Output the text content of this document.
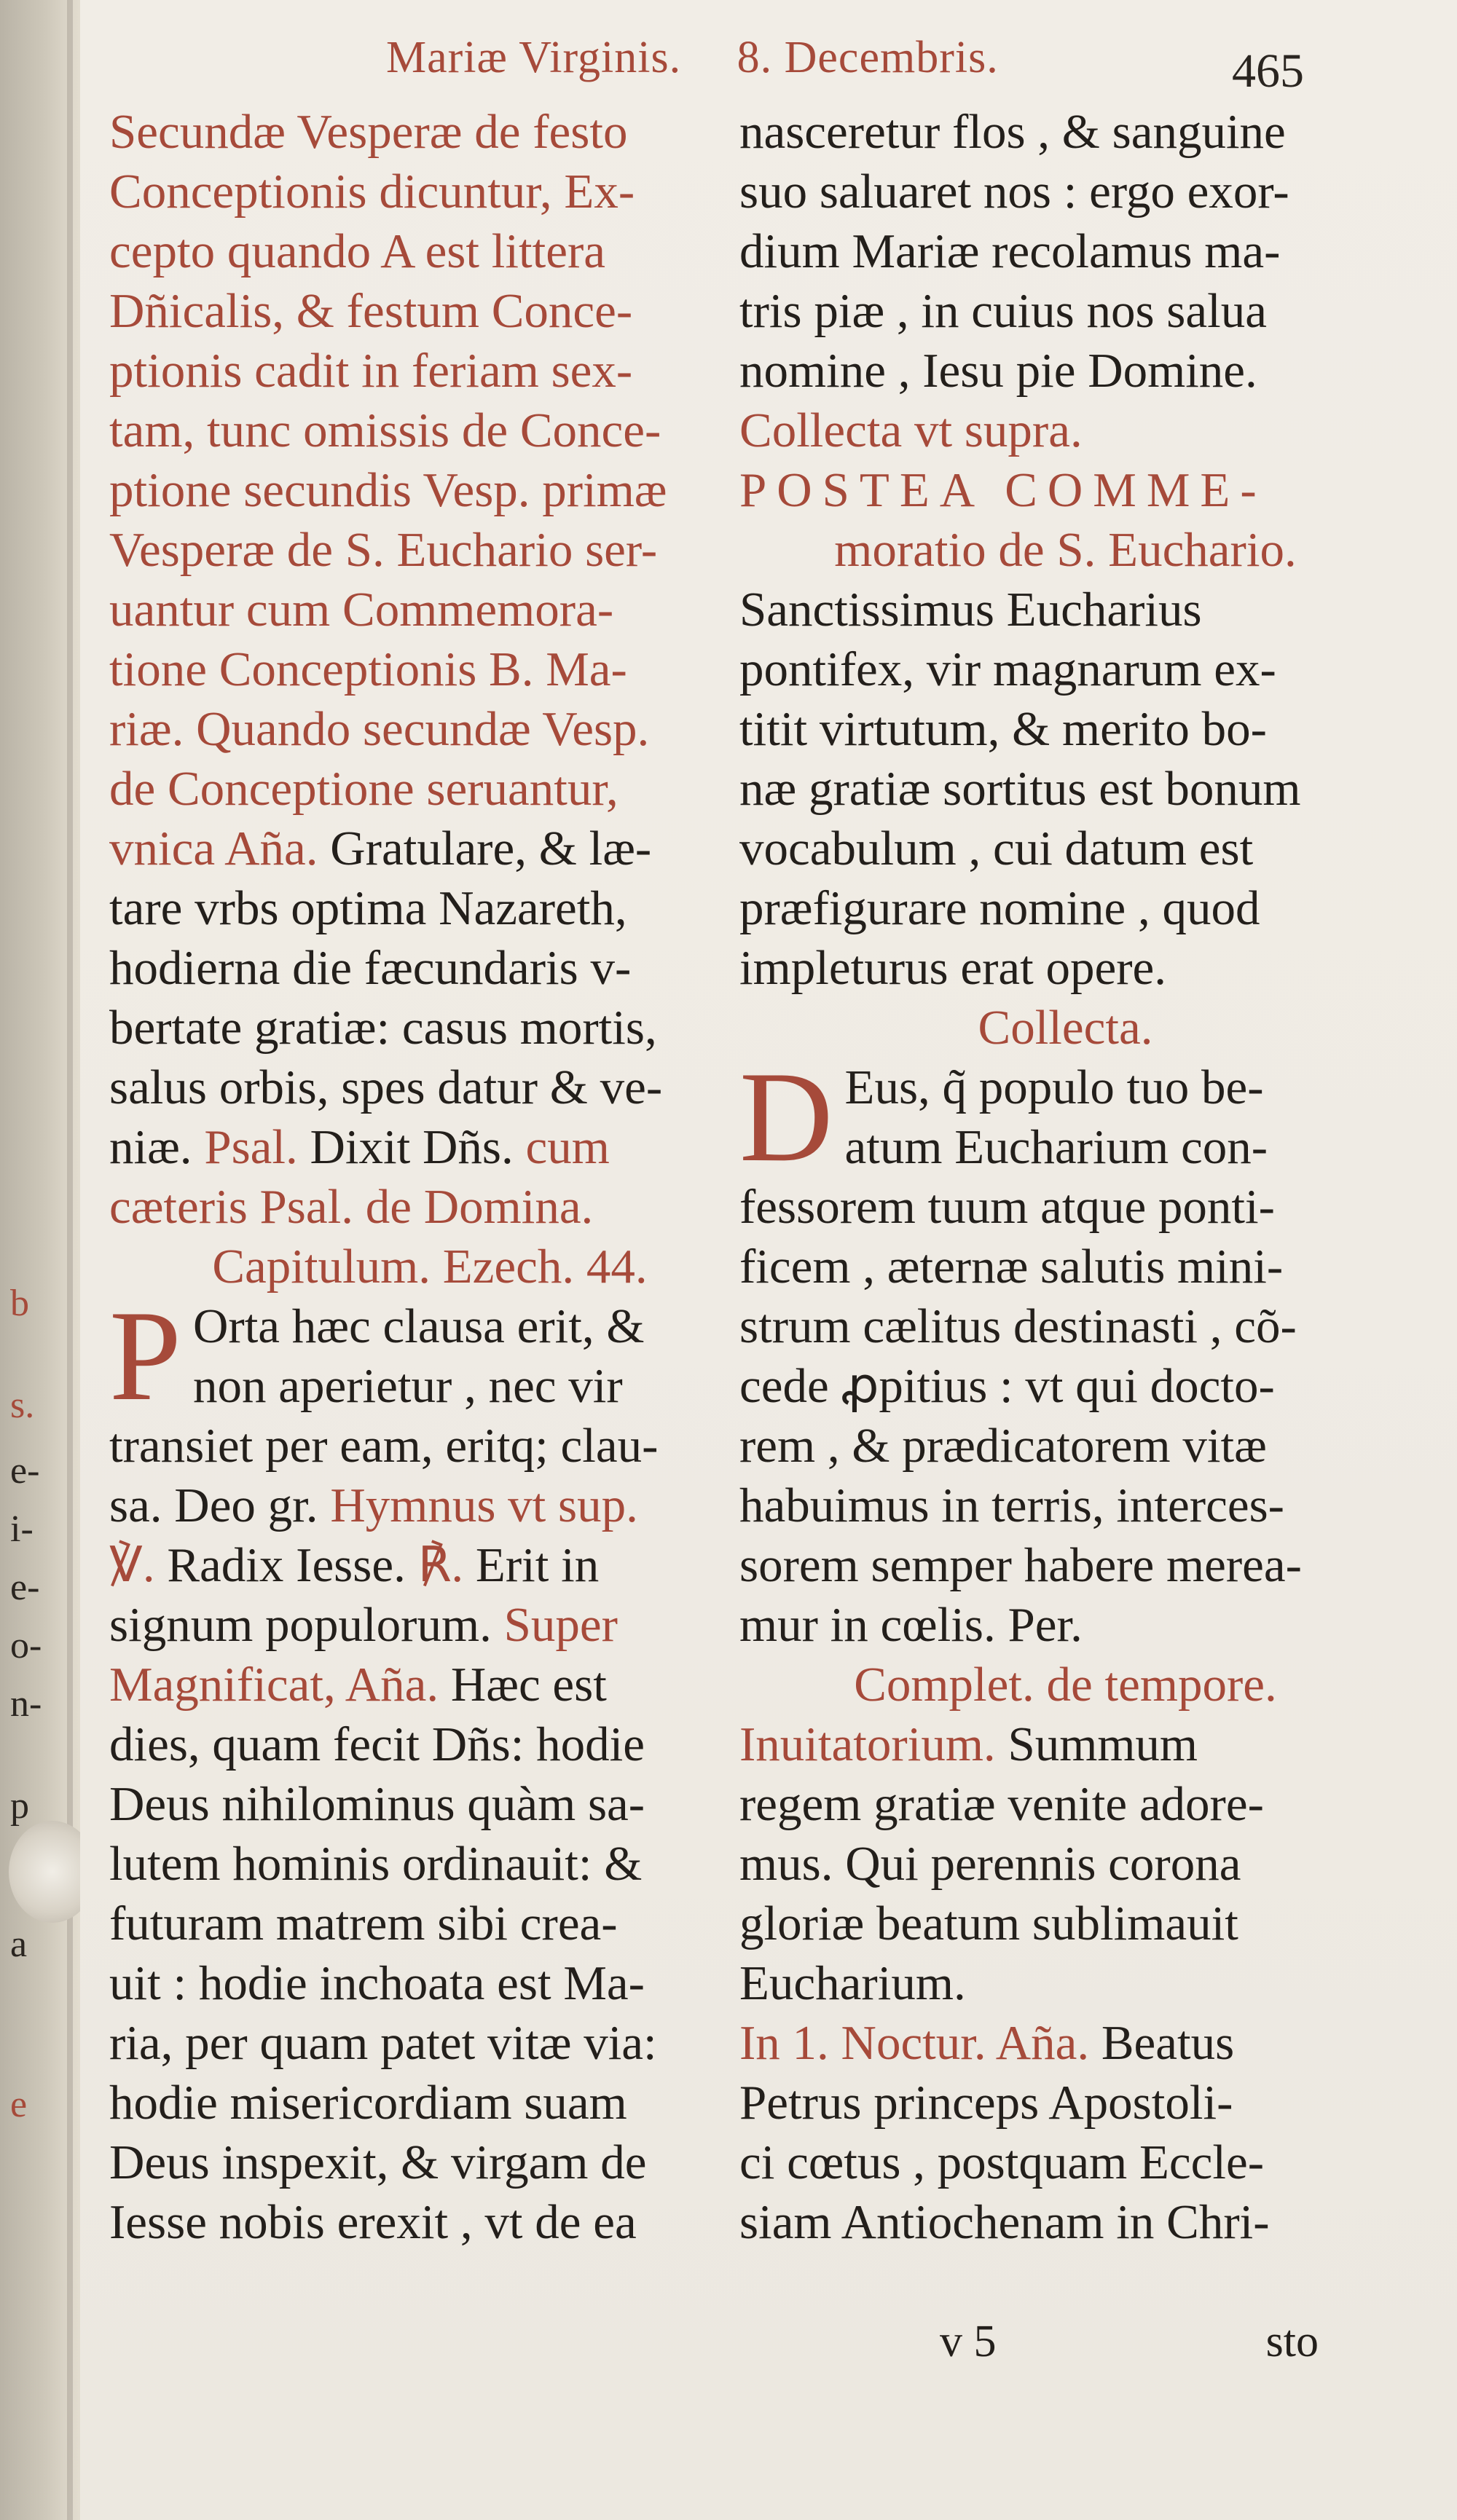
b
s.
e-
i-
e-
o-
n-
p
a
e
Mariæ Virginis. 8. Decembris.	465

Secundæ Vesperæ de festo

Conceptionis dicuntur, Ex-

cepto quando A est littera

Dñicalis, & festum Conce-

ptionis cadit in feriam sex-

tam, tunc omissis de Conce-

ptione secundis Vesp. primæ

Vesperæ de S. Euchario ser-

uantur cum Commemora-

tione Conceptionis B. Ma-

riæ. Quando secundæ Vesp.

de Conceptione seruantur,

vnica Aña. Gratulare, & læ-

tare vrbs optima Nazareth,

hodierna die fæcundaris v-

bertate gratiæ: casus mortis,

salus orbis, spes datur & ve-

niæ. Psal. Dixit Dñs. cum

cæteris Psal. de Domina.

Capitulum. Ezech. 44.

P Orta hæc clausa erit, &

non aperietur , nec vir

transiet per eam, eritq; clau-

sa. Deo gr. Hymnus vt sup.

℣. Radix Iesse. ℟. Erit in

signum populorum. Super

Magnificat, Aña. Hæc est

dies, quam fecit Dñs: hodie

Deus nihilominus quàm sa-

lutem hominis ordinauit: &

futuram matrem sibi crea-

uit : hodie inchoata est Ma-

ria, per quam patet vitæ via:

hodie misericordiam suam

Deus inspexit, & virgam de

Iesse nobis erexit , vt de ea

nasceretur flos , & sanguine

suo saluaret nos : ergo exor-

dium Mariæ recolamus ma-

tris piæ , in cuius nos salua

nomine , Iesu pie Domine.

Collecta vt supra.

POSTEA COMME-

moratio de S. Euchario.

Sanctissimus Eucharius

pontifex, vir magnarum ex-

titit virtutum, & merito bo-

næ gratiæ sortitus est bonum

vocabulum , cui datum est

præfigurare nomine , quod

impleturus erat opere.

Collecta.

D Eus, q̃ populo tuo be-

atum Eucharium con-

fessorem tuum atque ponti-

ficem , æternæ salutis mini-

strum cælitus destinasti , cõ-

cede ꝓpitius : vt qui docto-

rem , & prædicatorem vitæ

habuimus in terris, interces-

sorem semper habere merea-

mur in cœlis. Per.

Complet. de tempore.

Inuitatorium. Summum

regem gratiæ venite adore-

mus. Qui perennis corona

gloriæ beatum sublimauit

Eucharium.

In 1. Noctur. Aña. Beatus

Petrus princeps Apostoli-

ci cœtus , postquam Eccle-

siam Antiochenam in Chri-

v 5	sto
